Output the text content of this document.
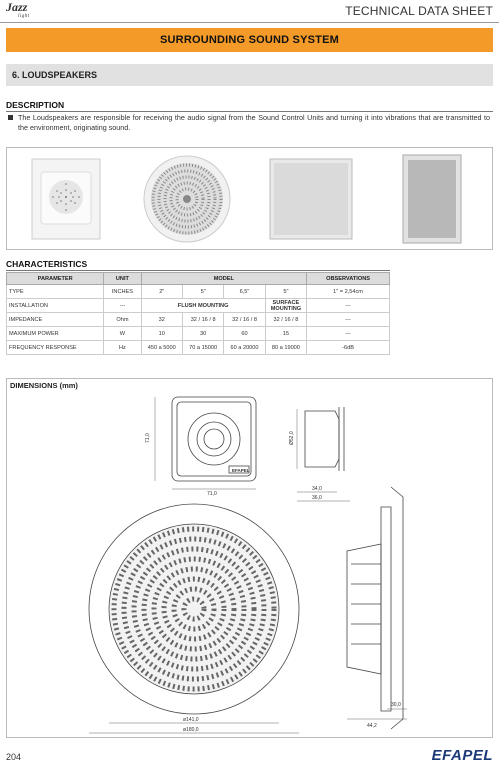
Jazz
light	TECHNICAL DATA SHEET
SURROUNDING SOUND SYSTEM
6. LOUDSPEAKERS
DESCRIPTION
The Loudspeakers are responsible for receiving the audio signal from the Sound Control Units and turning it into vibrations that are transmitted to the environment, originating sound.
CHARACTERISTICS
PARAMETER	UNIT	MODEL				OBSERVATIONS
TYPE	INCHES	2"	5"	6,5"	5"	1" = 2,54cm
INSTALLATION	---	FLUSH MOUNTING			SURFACE MOUNTING	---
IMPEDANCE	Ohm	32	32 / 16 / 8	32 / 16 / 8	32 / 16 / 8	---
MAXIMUM POWER	W	10	30	60	15	---
FREQUENCY RESPONSE	Hz	450 a 5000	70 a 15000	60 a 20000	80 a 19000	-6dB
DIMENSIONS (mm)
EFAPEL
71,0
71,0
Ø52,0
34,0
36,0
ø141,0
ø180,0
30,0
44,2
204	EFAPEL
